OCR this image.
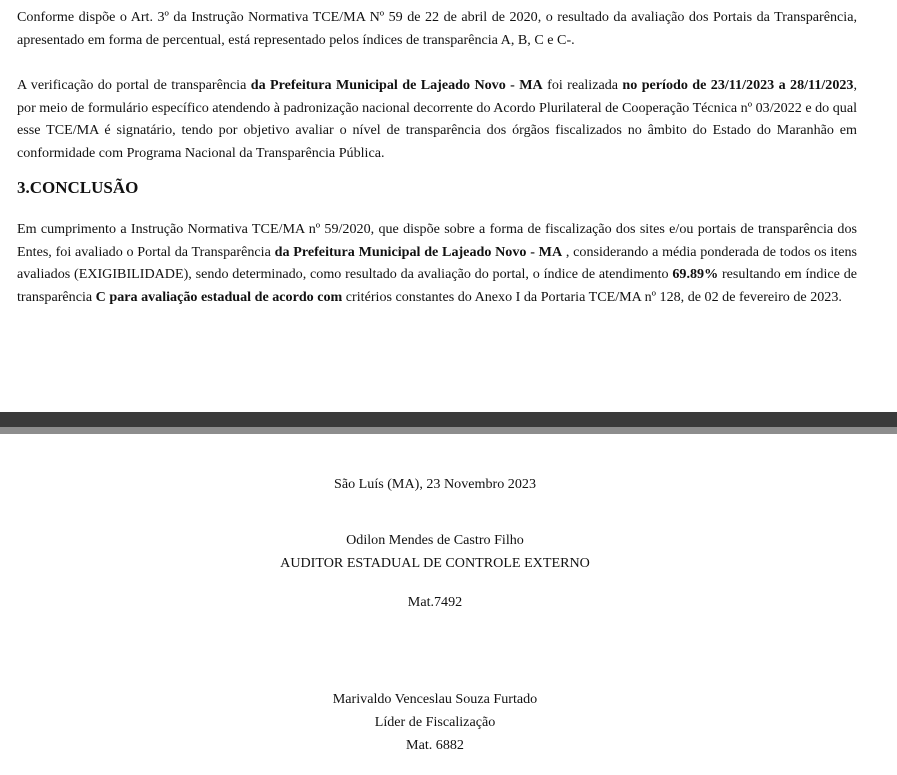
Conforme dispõe o Art. 3º da Instrução Normativa TCE/MA Nº 59 de 22 de abril de 2020, o resultado da avaliação dos Portais da Transparência, apresentado em forma de percentual, está representado pelos índices de transparência A, B, C e C-.

A verificação do portal de transparência da Prefeitura Municipal de Lajeado Novo - MA foi realizada no período de 23/11/2023 a 28/11/2023, por meio de formulário específico atendendo à padronização nacional decorrente do Acordo Plurilateral de Cooperação Técnica nº 03/2022 e do qual esse TCE/MA é signatário, tendo por objetivo avaliar o nível de transparência dos órgãos fiscalizados no âmbito do Estado do Maranhão em conformidade com Programa Nacional da Transparência Pública.

3.CONCLUSÃO

Em cumprimento a Instrução Normativa TCE/MA nº 59/2020, que dispõe sobre a forma de fiscalização dos sites e/ou portais de transparência dos Entes, foi avaliado o Portal da Transparência da Prefeitura Municipal de Lajeado Novo - MA , considerando a média ponderada de todos os itens avaliados (EXIGIBILIDADE), sendo determinado, como resultado da avaliação do portal, o índice de atendimento 69.89% resultando em índice de transparência C para avaliação estadual de acordo com critérios constantes do Anexo I da Portaria TCE/MA nº 128, de 02 de fevereiro de 2023.

São Luís (MA), 23 Novembro 2023
Odilon Mendes de Castro Filho
AUDITOR ESTADUAL DE CONTROLE EXTERNO
Mat.7492
Marivaldo Venceslau Souza Furtado
Líder de Fiscalização
Mat. 6882
